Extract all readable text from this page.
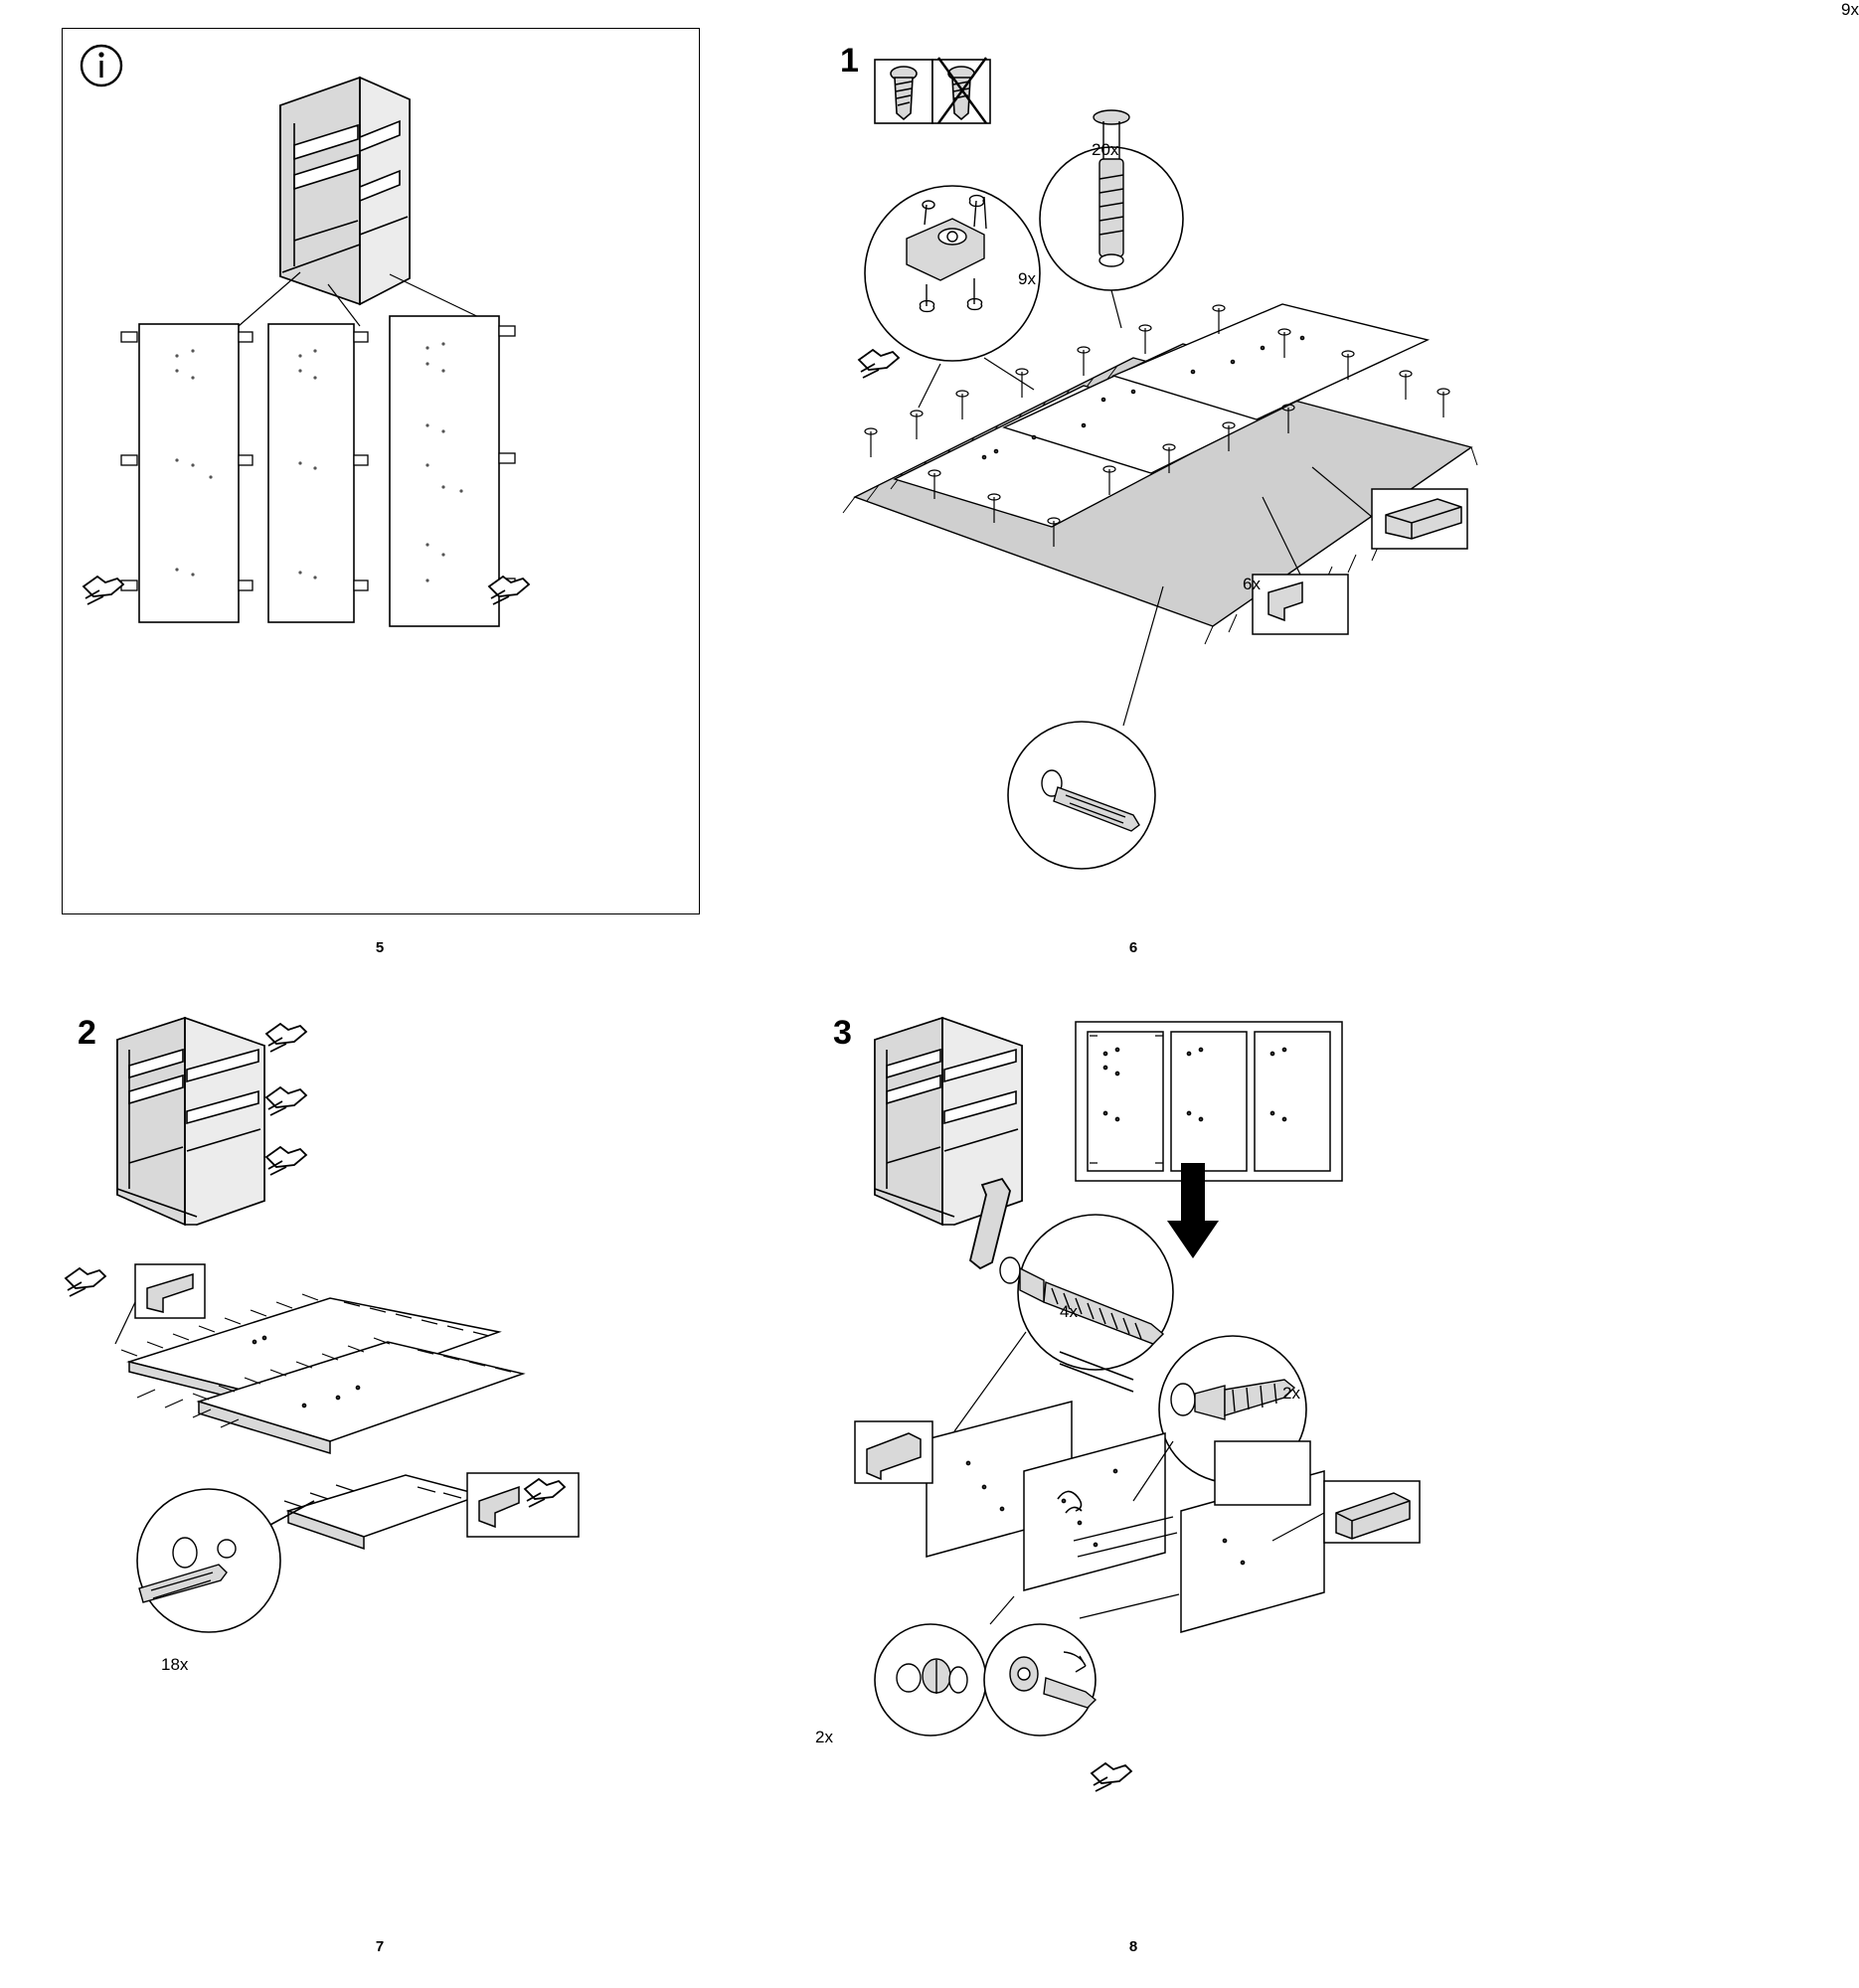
5
1
9x
9x
20x
6x
6
2
18x
7
3
4x
2x
2x
8
